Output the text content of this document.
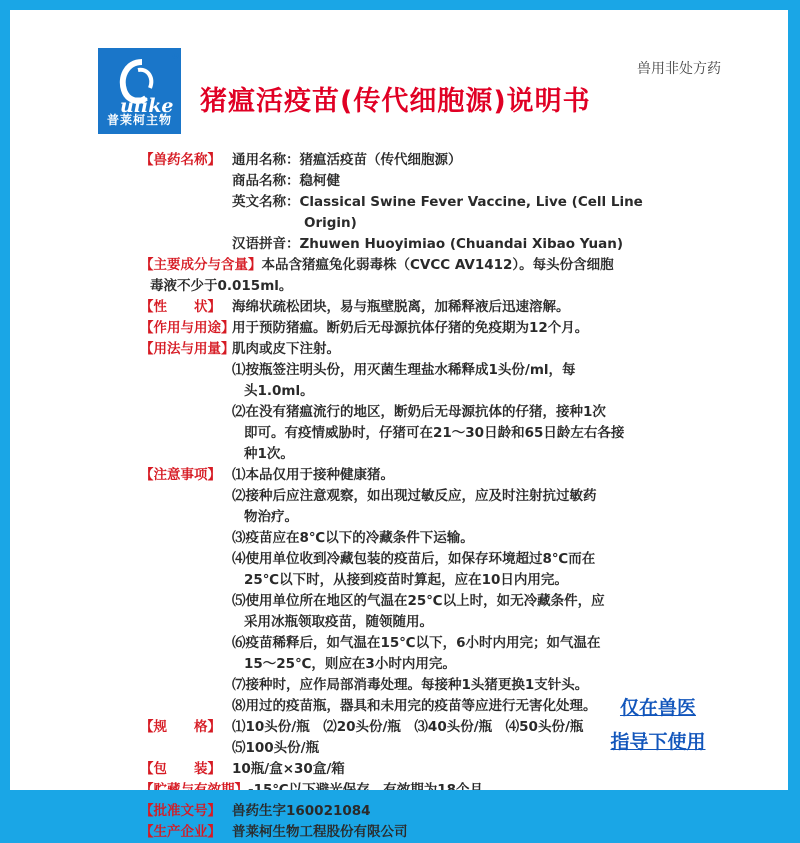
ulike
普莱柯主物
®
兽用非处方药
猪瘟活疫苗(传代细胞源)说明书
【兽药名称】 通用名称：猪瘟活疫苗（传代细胞源）
商品名称：稳柯健
英文名称：Classical Swine Fever Vaccine, Live (Cell Line
Origin)
汉语拼音：Zhuwen Huoyimiao (Chuandai Xibao Yuan)
【主要成分与含量】本品含猪瘟兔化弱毒株（CVCC AV1412）。每头份含细胞
毒液不少于0.015ml。
【性　　状】 海绵状疏松团块，易与瓶壁脱离，加稀释液后迅速溶解。
【作用与用途】
用于预防猪瘟。断奶后无母源抗体仔猪的免疫期为12个月。
【用法与用量】
肌肉或皮下注射。
⑴按瓶签注明头份，用灭菌生理盐水稀释成1头份/ml，每
头1.0ml。
⑵在没有猪瘟流行的地区，断奶后无母源抗体的仔猪，接种1次
即可。有疫情威胁时，仔猪可在21～30日龄和65日龄左右各接
种1次。
【注意事项】 ⑴本品仅用于接种健康猪。
⑵接种后应注意观察，如出现过敏反应，应及时注射抗过敏药
物治疗。
⑶疫苗应在8℃以下的冷藏条件下运输。
⑷使用单位收到冷藏包装的疫苗后，如保存环境超过8℃而在
25℃以下时，从接到疫苗时算起，应在10日内用完。
⑸使用单位所在地区的气温在25℃以上时，如无冷藏条件，应
采用冰瓶领取疫苗，随领随用。
⑹疫苗稀释后，如气温在15℃以下，6小时内用完；如气温在
15～25℃，则应在3小时内用完。
⑺接种时，应作局部消毒处理。每接种1头猪更换1支针头。
⑻用过的疫苗瓶，器具和未用完的疫苗等应进行无害化处理。
【规　　格】 ⑴10头份/瓶　⑵20头份/瓶　⑶40头份/瓶　⑷50头份/瓶
⑸100头份/瓶
【包　　装】 10瓶/盒×30盒/箱
【贮藏与有效期】-15℃以下避光保存，有效期为18个月。
【批准文号】 兽药生字160021084
【生产企业】 普莱柯生物工程股份有限公司
仅在兽医
指导下使用
